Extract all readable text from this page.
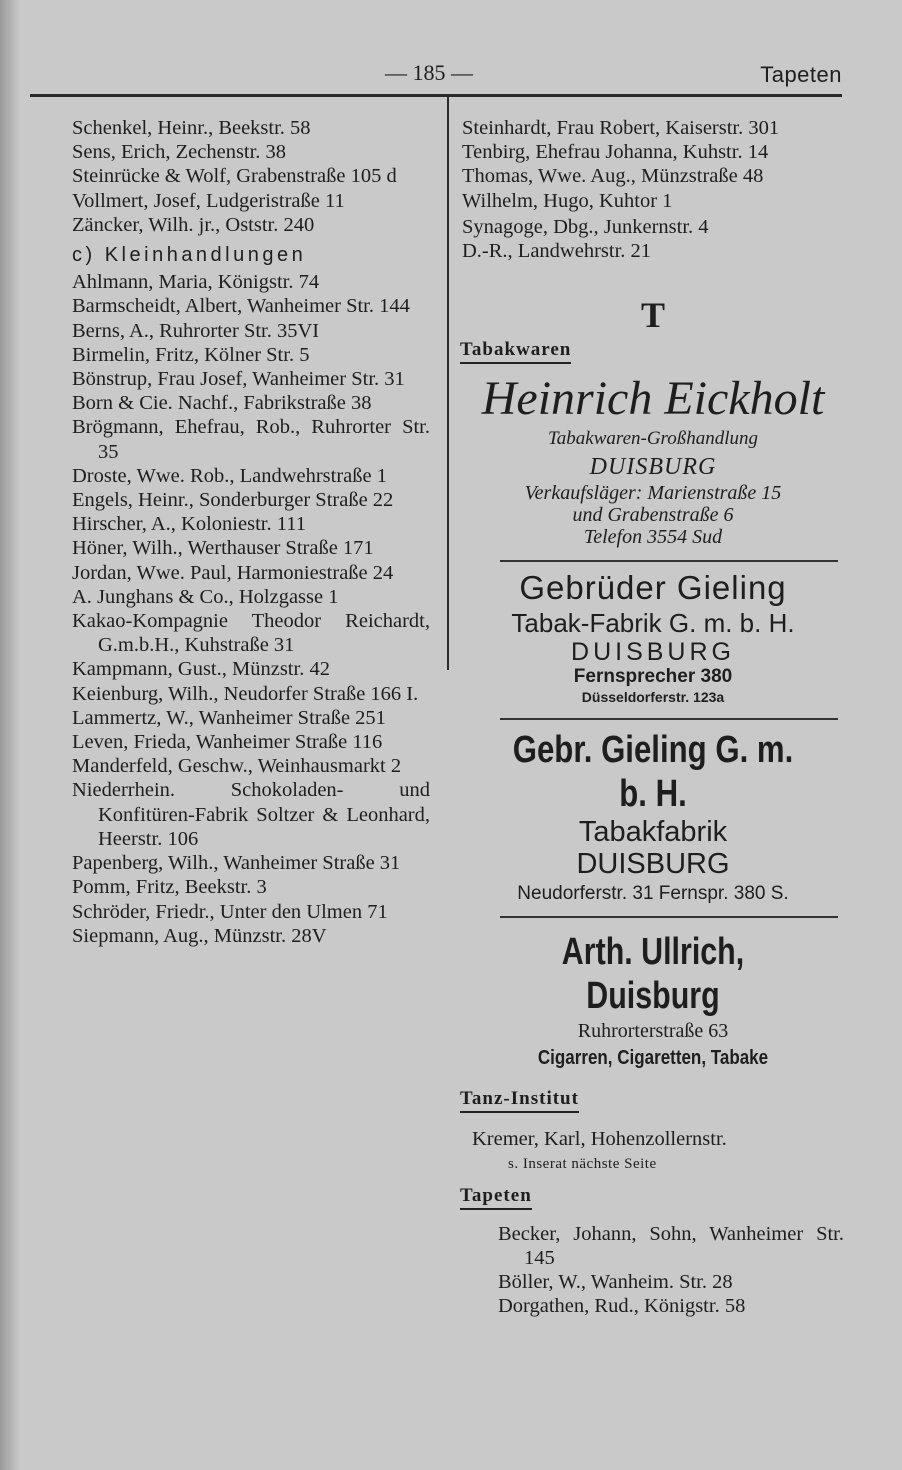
— 185 —	Tapeten
Schenkel, Heinr., Beekstr. 58
Sens, Erich, Zechenstr. 38
Steinrücke & Wolf, Grabenstraße 105 d
Vollmert, Josef, Ludgeristraße 11
Zäncker, Wilh. jr., Oststr. 240
c) Kleinhandlungen
Ahlmann, Maria, Königstr. 74
Barmscheidt, Albert, Wanheimer Str. 144
Berns, A., Ruhrorter Str. 35VI
Birmelin, Fritz, Kölner Str. 5
Bönstrup, Frau Josef, Wanheimer Str. 31
Born & Cie. Nachf., Fabrikstraße 38
Brögmann, Ehefrau, Rob., Ruhrorter Str. 35
Droste, Wwe. Rob., Landwehrstraße 1
Engels, Heinr., Sonderburger Straße 22
Hirscher, A., Koloniestr. 111
Höner, Wilh., Werthauser Straße 171
Jordan, Wwe. Paul, Harmoniestraße 24
A. Junghans & Co., Holzgasse 1
Kakao-Kompagnie Theodor Reichardt, G.m.b.H., Kuhstraße 31
Kampmann, Gust., Münzstr. 42
Keienburg, Wilh., Neudorfer Straße 166 I.
Lammertz, W., Wanheimer Straße 251
Leven, Frieda, Wanheimer Straße 116
Manderfeld, Geschw., Weinhausmarkt 2
Niederrhein. Schokoladen- und Konfitüren-Fabrik Soltzer & Leonhard, Heerstr. 106
Papenberg, Wilh., Wanheimer Straße 31
Pomm, Fritz, Beekstr. 3
Schröder, Friedr., Unter den Ulmen 71
Siepmann, Aug., Münzstr. 28V
Steinhardt, Frau Robert, Kaiserstr. 301
Tenbirg, Ehefrau Johanna, Kuhstr. 14
Thomas, Wwe. Aug., Münzstraße 48
Wilhelm, Hugo, Kuhtor 1
Synagoge, Dbg., Junkernstr. 4
D.-R., Landwehrstr. 21
T
Tabakwaren
Heinrich Eickholt
Tabakwaren-Großhandlung
DUISBURG
Verkaufsläger: Marienstraße 15
und Grabenstraße 6
Telefon 3554 Sud
Gebrüder Gieling
Tabak-Fabrik G. m. b. H.
DUISBURG
Fernsprecher 380
Düsseldorferstr. 123a
Gebr. Gieling G. m. b. H.
Tabakfabrik
DUISBURG
Neudorferstr. 31 Fernspr. 380 S.
Arth. Ullrich, Duisburg
Ruhrorterstraße 63
Cigarren, Cigaretten, Tabake
Tanz-Institut
Kremer, Karl, Hohenzollernstr.
s. Inserat nächste Seite
Tapeten
Becker, Johann, Sohn, Wanheimer Str. 145
Böller, W., Wanheim. Str. 28
Dorgathen, Rud., Königstr. 58
